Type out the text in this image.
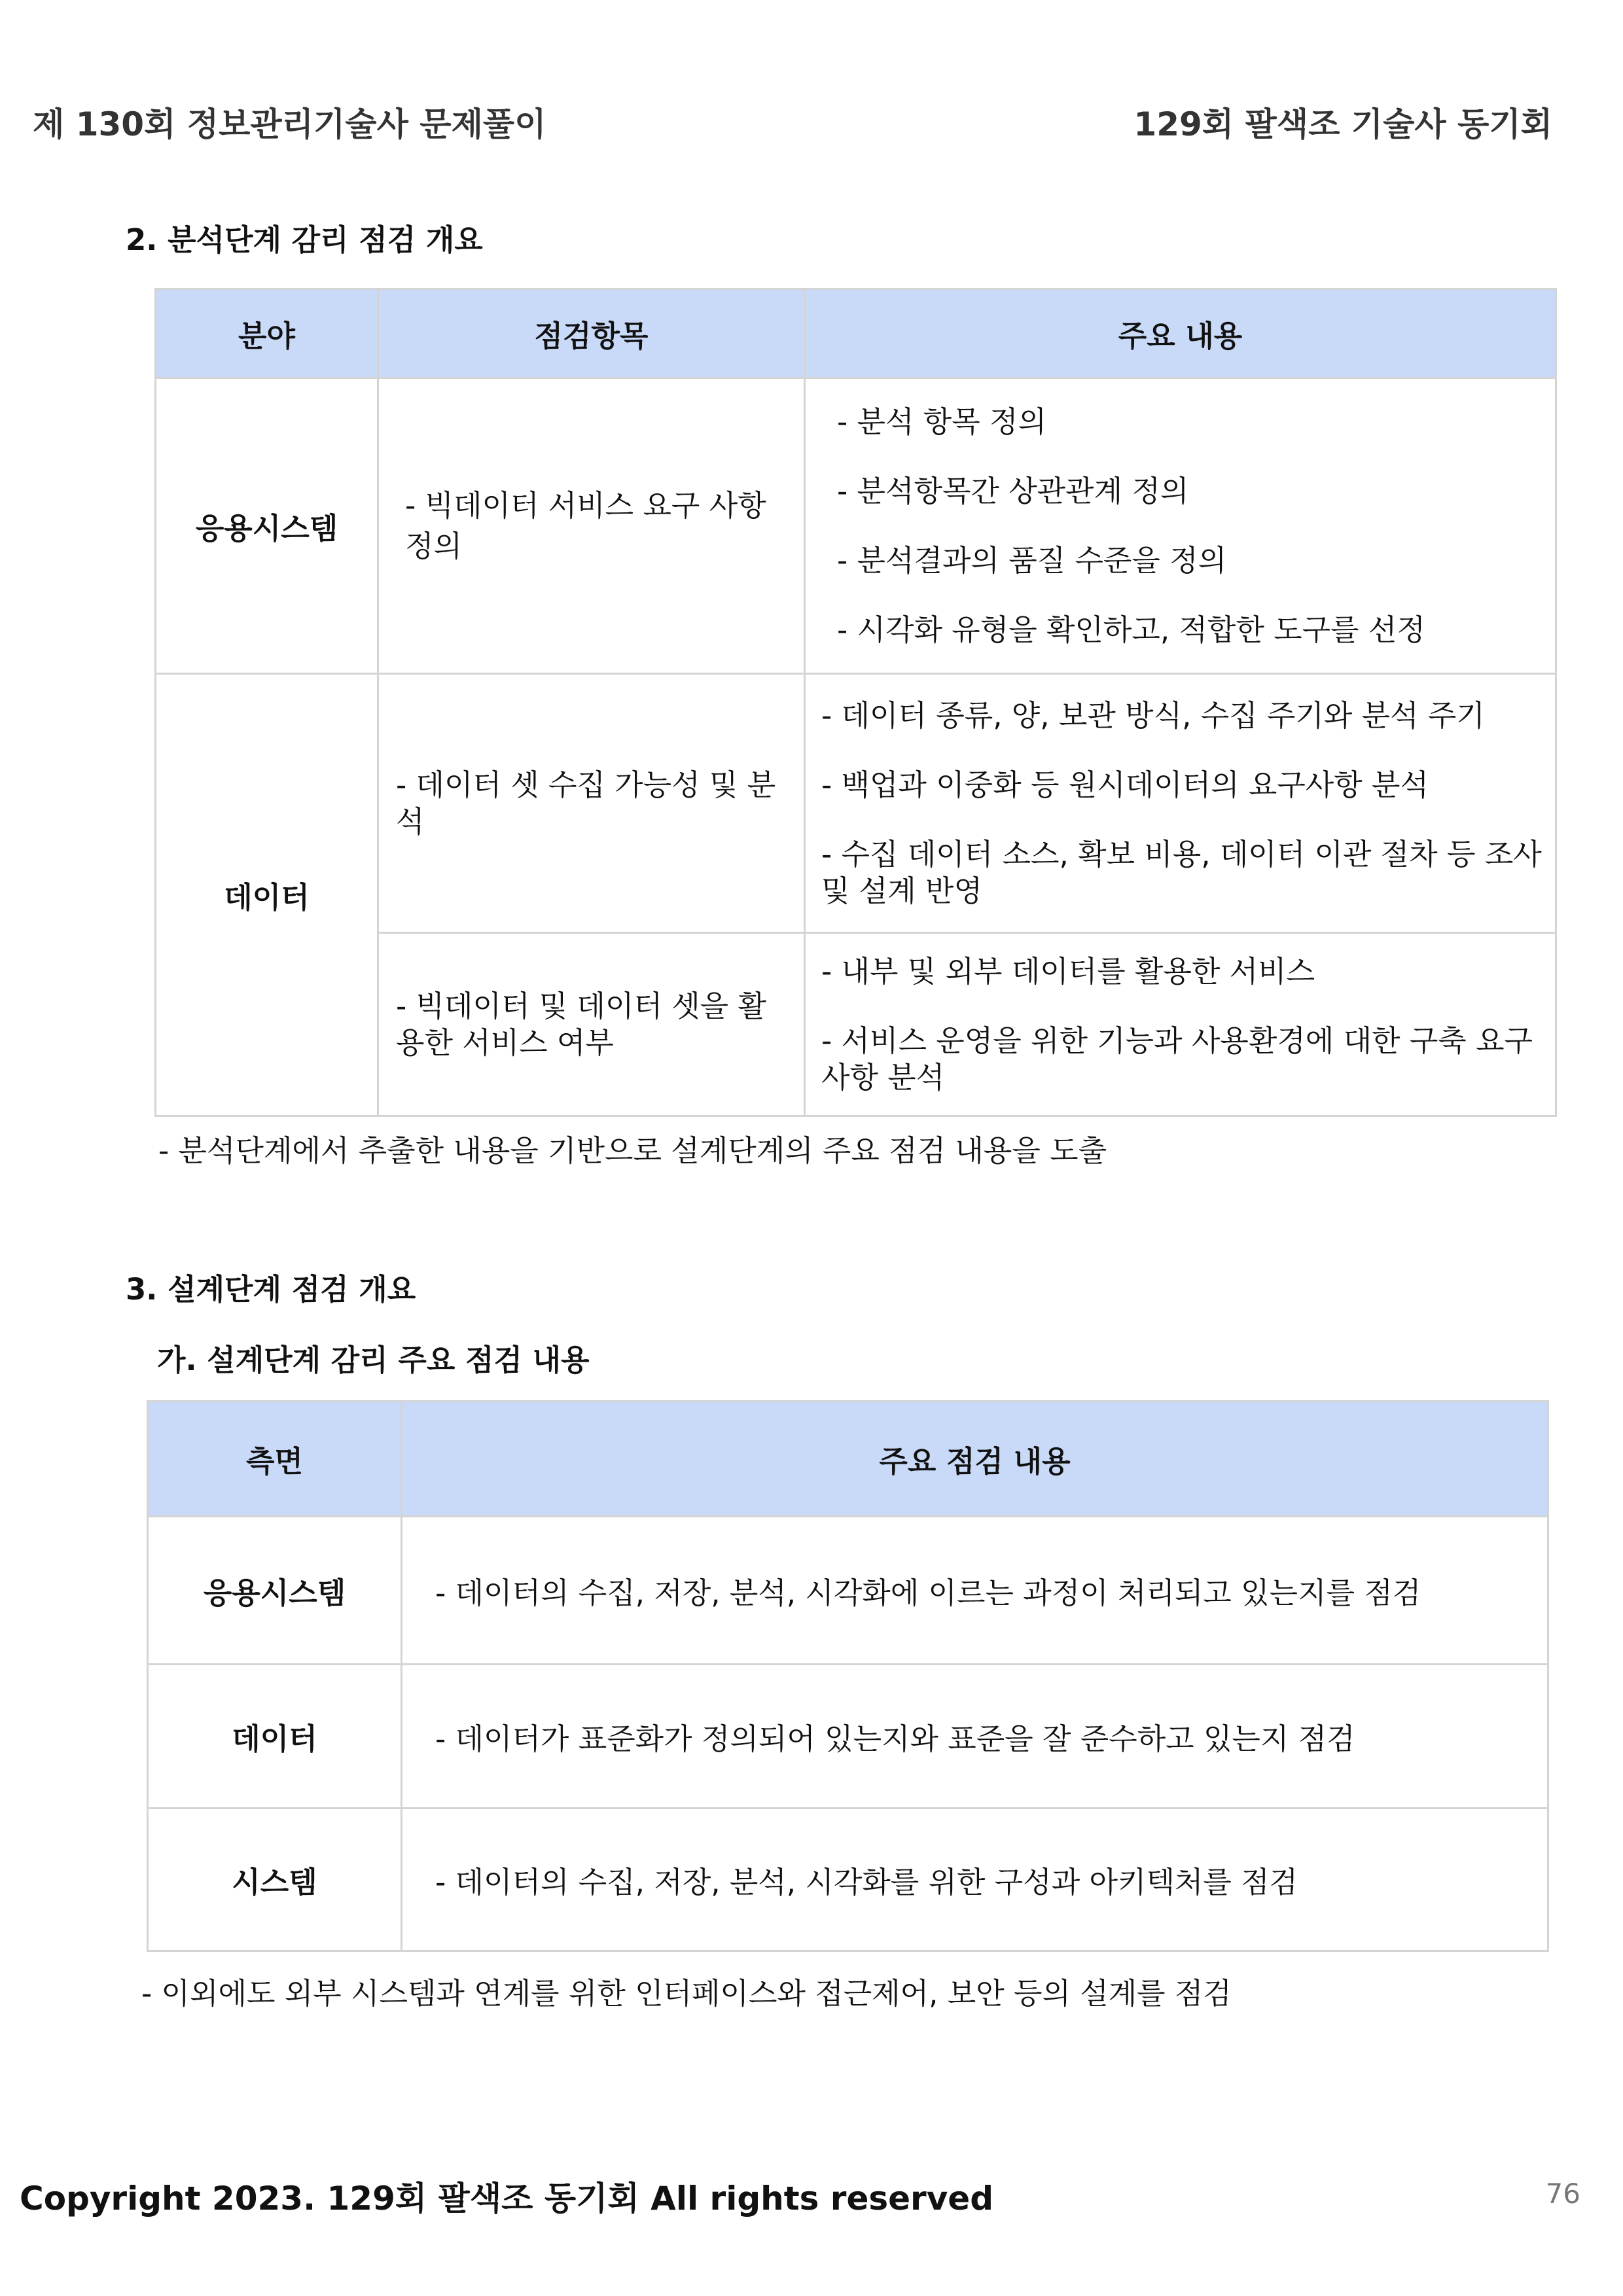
제 130회 정보관리기술사 문제풀이	129회 팔색조 기술사 동기회
2. 분석단계 감리 점검 개요
분야	점검항목	주요 내용
응용시스템	- 빅데이터 서비스 요구 사항 정의	- 분석 항목 정의
- 분석항목간 상관관계 정의
- 분석결과의 품질 수준을 정의
- 시각화 유형을 확인하고, 적합한 도구를 선정

데이터	- 데이터 셋 수집 가능성 및 분석	- 데이터 종류, 양, 보관 방식, 수집 주기와 분석 주기
- 백업과 이중화 등 원시데이터의 요구사항 분석
- 수집 데이터 소스, 확보 비용, 데이터 이관 절차 등 조사 및 설계 반영

	- 빅데이터 및 데이터 셋을 활용한 서비스 여부	- 내부 및 외부 데이터를 활용한 서비스
- 서비스 운영을 위한 기능과 사용환경에 대한 구축 요구사항 분석
- 분석단계에서 추출한 내용을 기반으로 설계단계의 주요 점검 내용을 도출
3. 설계단계 점검 개요
가. 설계단계 감리 주요 점검 내용
측면	주요 점검 내용
응용시스템	- 데이터의 수집, 저장, 분석, 시각화에 이르는 과정이 처리되고 있는지를 점검
데이터	- 데이터가 표준화가 정의되어 있는지와 표준을 잘 준수하고 있는지 점검
시스템	- 데이터의 수집, 저장, 분석, 시각화를 위한 구성과 아키텍처를 점검
- 이외에도 외부 시스템과 연계를 위한 인터페이스와 접근제어, 보안 등의 설계를 점검
Copyright 2023. 129회 팔색조 동기회 All rights reserved	76
